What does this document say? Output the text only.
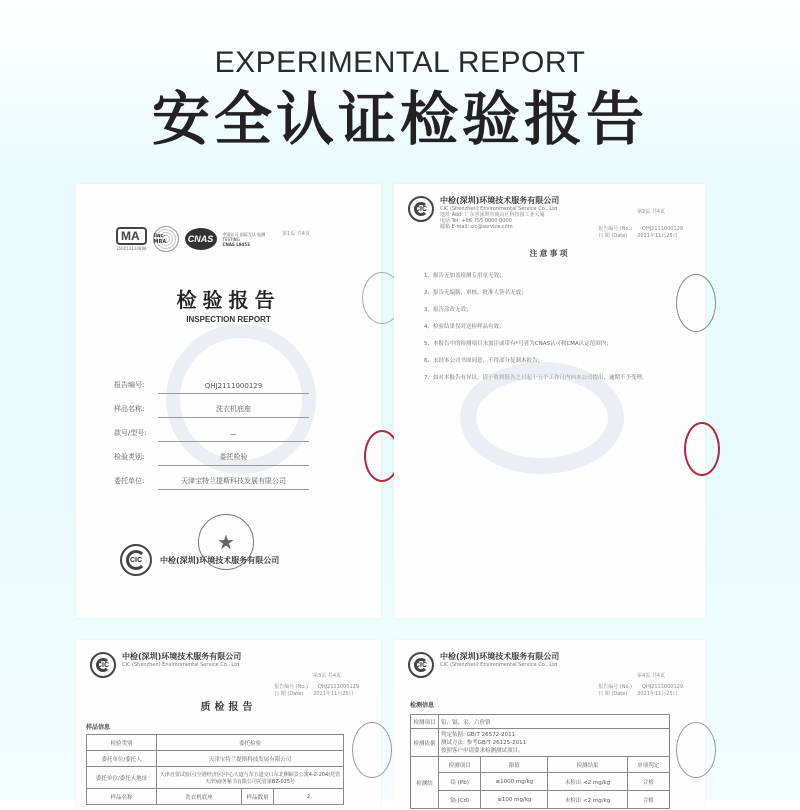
EXPERIMENTAL REPORT
安全认证检验报告
MA
160012120888
ilac-MRA	CNAS	中国认可 国际互认 检测
TESTING
CNAS L9453
第1页 共4页
检验报告
INSPECTION REPORT
报告编号:	QHJ2111000129
样品名称:	洗衣机底座
款号/型号:	—
检验类别:	委托检验
委托单位:	天津宝特兰提斯科技发展有限公司
★
CIC	中检(深圳)环境技术服务有限公司
CIC
中检(深圳)环境技术服务有限公司
CIC (Shenzhen) Environmental Service Co., Ltd
地址 Add: 广东省深圳市南山区科技园工业大厦
电话 Tel: +86 755 0000 0000
邮箱 E-mail: cic@service.com
第2页 共4页
报告编号 (No.) QHJ2111000129
日 期 (Date) 2021年11月25日
注意事项
1、报告无加盖检测专用章无效；
2、报告无编制、审核、批准人签名无效；
3、报告涂改无效；
4、检验结果仅对送检样品有效；
5、本报告中的检测项目未加注或带有*号者为CNAS认可和CMA认定范围内；
6、未经本公司书面同意，不得部分复制本报告；
7、如对本报告有异议，请于收到报告之日起十五个工作日内向本公司提出，逾期不予受理。
CIC
中检(深圳)环境技术服务有限公司
CIC (Shenzhen) Environmental Service Co., Ltd
第3页 共4页
报告编号 (No.) QHJ2111000129
日 期 (Date) 2021年11月25日
质检报告
样品信息
检验类别	委托检验		
委托单位/委托人	天津宝特兰提斯科技发展有限公司		
委托单位/委托人地址	天津自贸试验区(空港经济区)中心大道与东五道交口东北侧颐景公寓4-2-204(托管天津)商务秘书有限公司托管第BZ-035号		
样品名称	洗衣机底座	样品数量	2
CIC
中检(深圳)环境技术服务有限公司
CIC (Shenzhen) Environmental Service Co., Ltd
第4页 共4页
报告编号 (No.) QHJ2111000129
日 期 (Date) 2021年11月25日
检测信息
检测项目	铅、镉、汞、六价铬			
检测依据	判定依据: GB/T 26572-2011
测试方法: 参考GB/T 26125-2011
按照客户申请要求检测测试项目。			

检测结	检测项目	限值	检测结果	单项判定
	铅 (Pb)	≤1000 mg/kg	未检出 <2 mg/kg	合格
	镉 (Cd)	≤100 mg/kg	未检出 <2 mg/kg	合格
